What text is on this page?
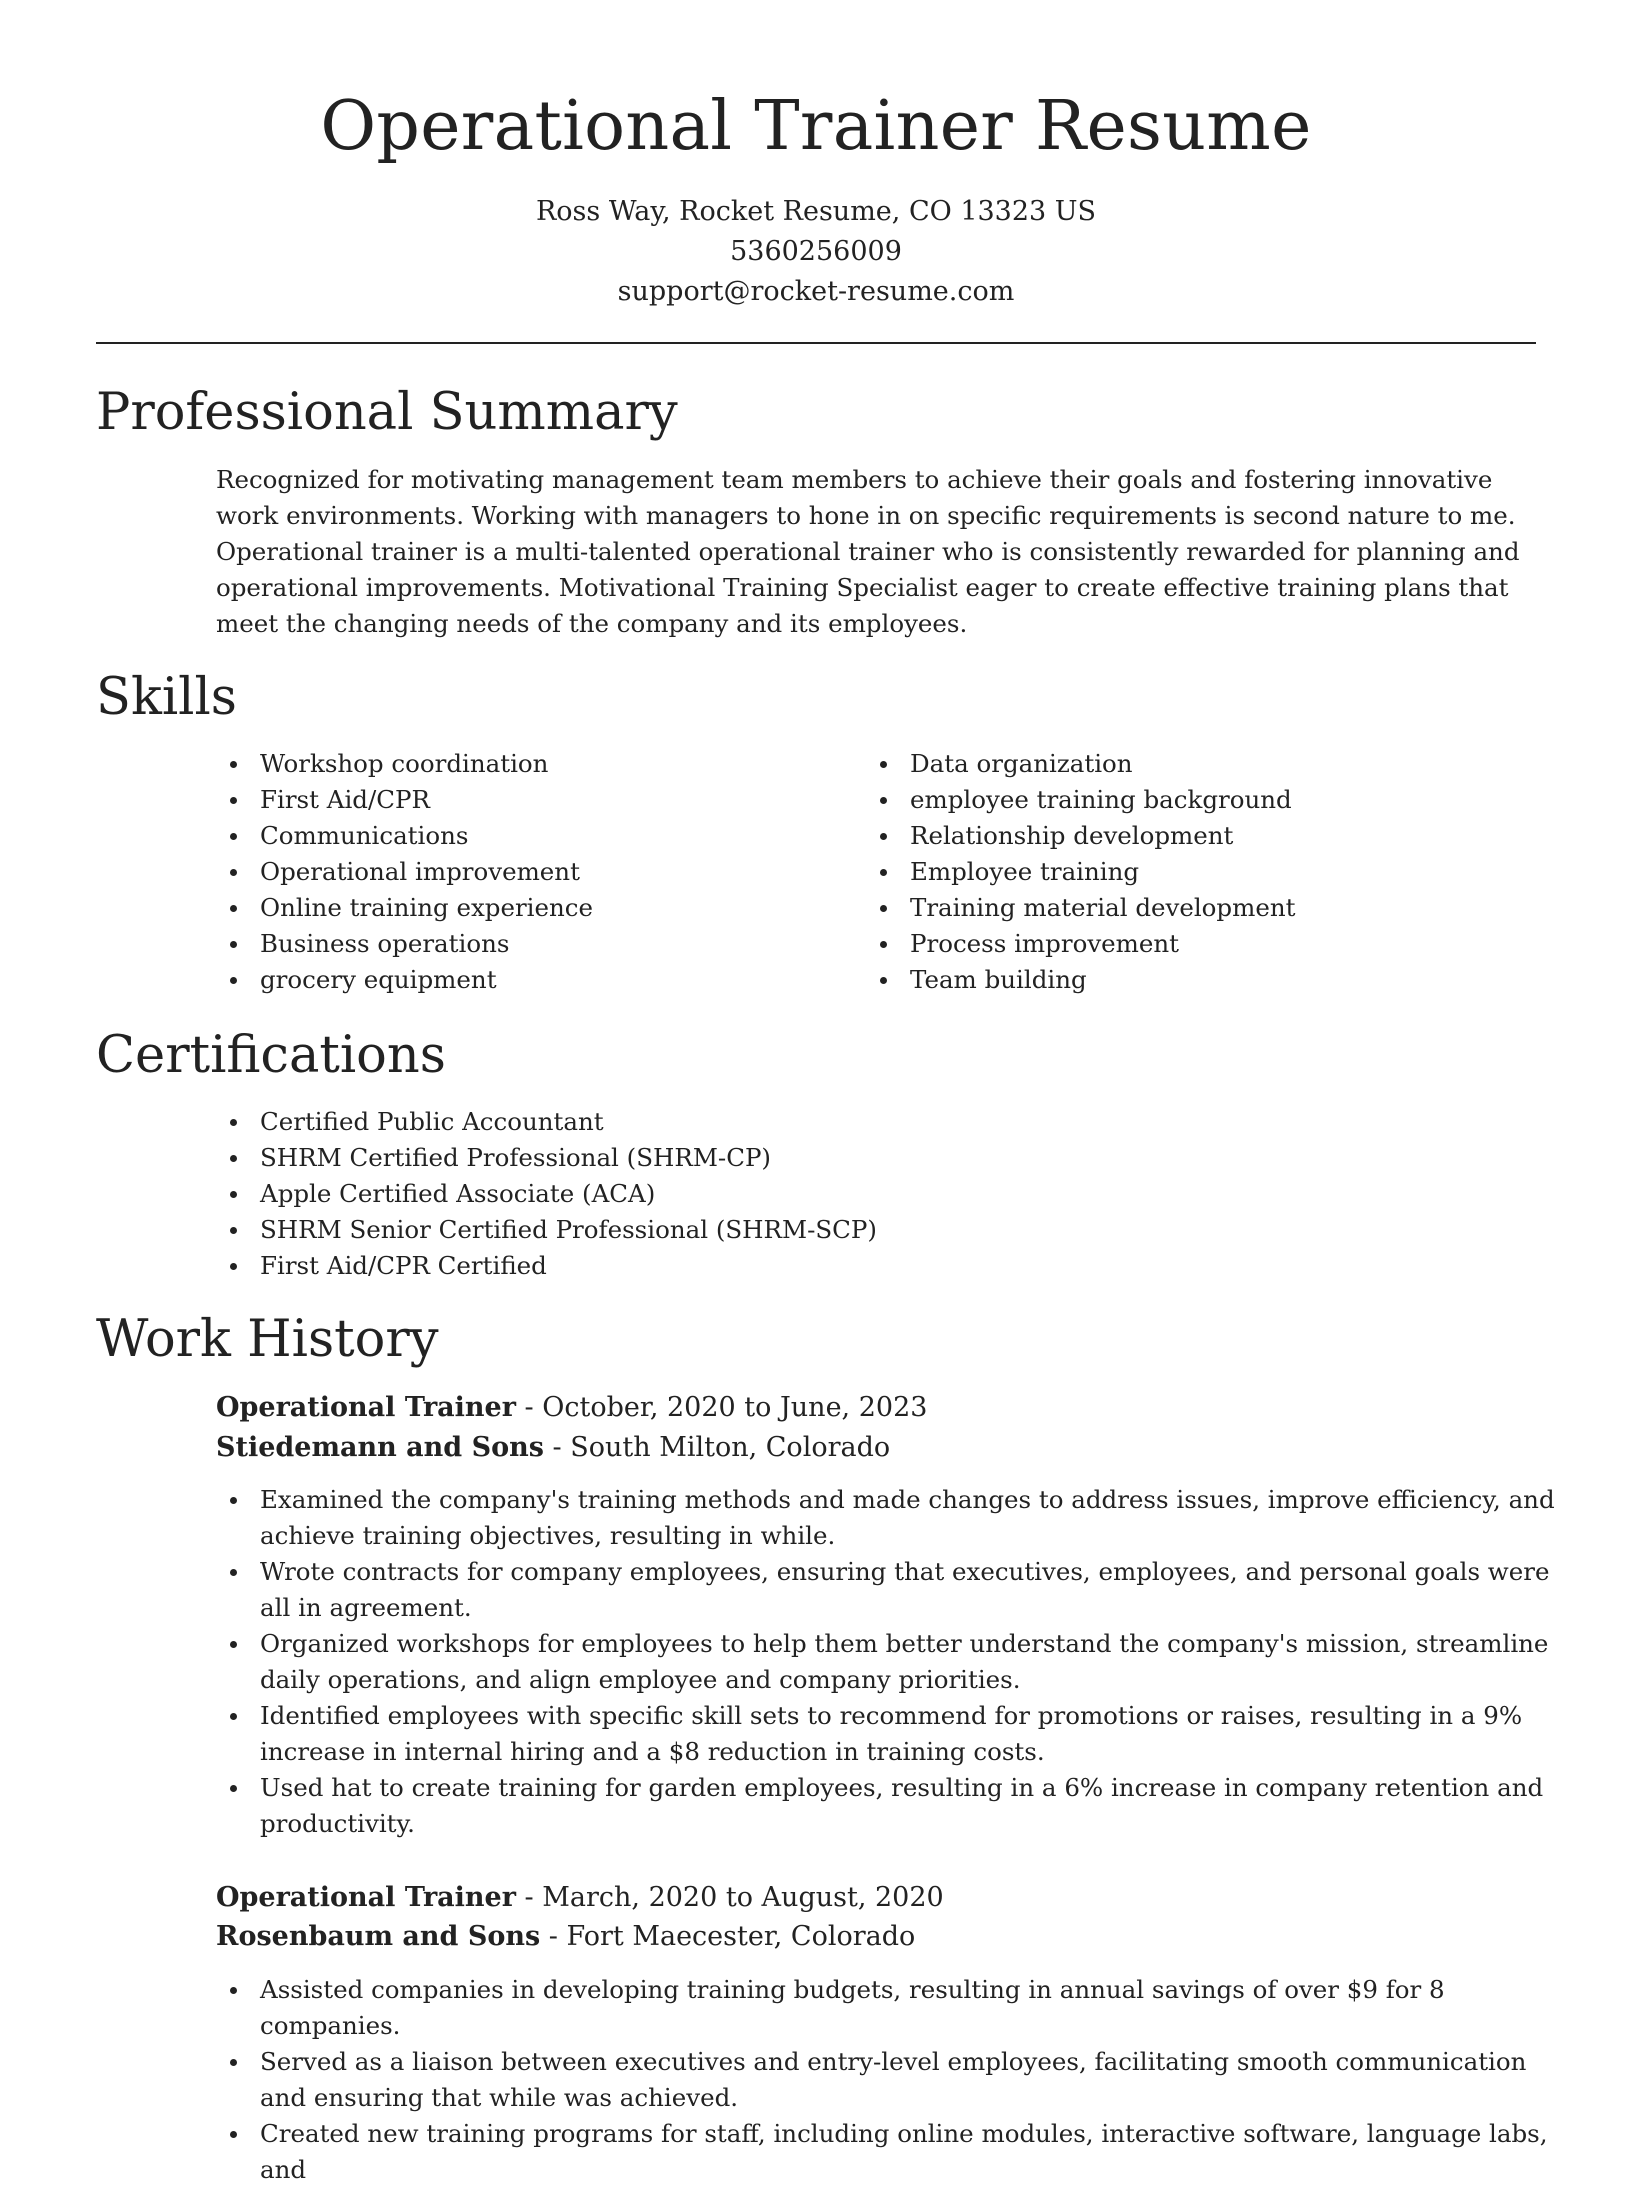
Operational Trainer Resume
Ross Way, Rocket Resume, CO 13323 US
5360256009
support@rocket-resume.com
Professional Summary

Recognized for motivating management team members to achieve their goals and fostering innovative work environments. Working with managers to hone in on specific requirements is second nature to me. Operational trainer is a multi-talented operational trainer who is consistently rewarded for planning and operational improvements. Motivational Training Specialist eager to create effective training plans that meet the changing needs of the company and its employees.

Skills
Workshop coordination
First Aid/CPR
Communications
Operational improvement
Online training experience
Business operations
grocery equipment
Data organization
employee training background
Relationship development
Employee training
Training material development
Process improvement
Team building
Certifications
Certified Public Accountant
SHRM Certified Professional (SHRM-CP)
Apple Certified Associate (ACA)
SHRM Senior Certified Professional (SHRM-SCP)
First Aid/CPR Certified
Work History
Operational Trainer - October, 2020 to June, 2023
Stiedemann and Sons - South Milton, Colorado
Examined the company's training methods and made changes to address issues, improve efficiency, and achieve training objectives, resulting in while.
Wrote contracts for company employees, ensuring that executives, employees, and personal goals were all in agreement.
Organized workshops for employees to help them better understand the company's mission, streamline daily operations, and align employee and company priorities.
Identified employees with specific skill sets to recommend for promotions or raises, resulting in a 9% increase in internal hiring and a $8 reduction in training costs.
Used hat to create training for garden employees, resulting in a 6% increase in company retention and productivity.
Operational Trainer - March, 2020 to August, 2020
Rosenbaum and Sons - Fort Maecester, Colorado
Assisted companies in developing training budgets, resulting in annual savings of over $9 for 8 companies.
Served as a liaison between executives and entry-level employees, facilitating smooth communication and ensuring that while was achieved.
Created new training programs for staff, including online modules, interactive software, language labs, and
